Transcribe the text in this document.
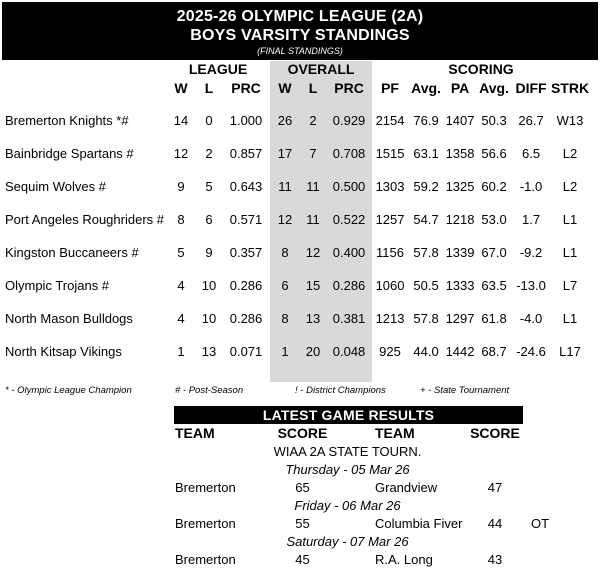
2025-26 OLYMPIC LEAGUE (2A)
BOYS VARSITY STANDINGS
(FINAL STANDINGS)
	LEAGUE			OVERALL			SCORING					
	W	L	PRC	W	L	PRC	PF	Avg.	PA	Avg.	DIFF	STRK
Bremerton Knights *#	14	0	1.000	26	2	0.929	2154	76.9	1407	50.3	26.7	W13
Bainbridge Spartans #	12	2	0.857	17	7	0.708	1515	63.1	1358	56.6	6.5	L2
Sequim Wolves #	9	5	0.643	11	11	0.500	1303	59.2	1325	60.2	-1.0	L2
Port Angeles Roughriders #	8	6	0.571	12	11	0.522	1257	54.7	1218	53.0	1.7	L1
Kingston Buccaneers #	5	9	0.357	8	12	0.400	1156	57.8	1339	67.0	-9.2	L1
Olympic Trojans #	4	10	0.286	6	15	0.286	1060	50.5	1333	63.5	-13.0	L7
North Mason Bulldogs	4	10	0.286	8	13	0.381	1213	57.8	1297	61.8	-4.0	L1
North Kitsap Vikings	1	13	0.071	1	20	0.048	925	44.0	1442	68.7	-24.6	L17

* - Olympic League Champion	# - Post-Season	! - District Champions	+ - State Tournament
LATEST GAME RESULTS
TEAM	SCORE		TEAM	SCORE	
WIAA 2A STATE TOURN.					
Thursday - 05 Mar 26					
Bremerton	65		Grandview	47	
Friday - 06 Mar 26					
Bremerton	55		Columbia Fiver	44	OT
Saturday - 07 Mar 26					
Bremerton	45		R.A. Long	43	
